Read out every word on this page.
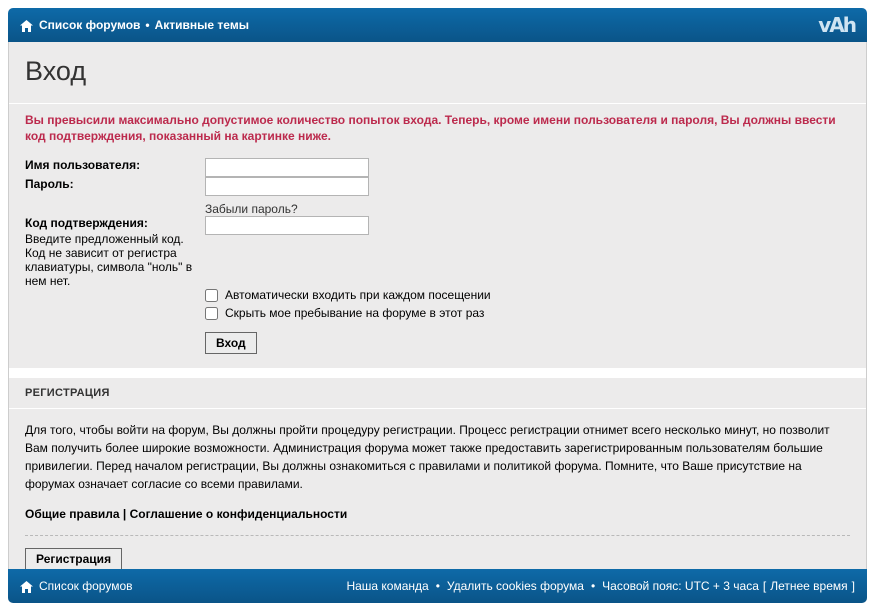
Список форумов • Активные темы	vAh
Вход
Вы превысили максимально допустимое количество попыток входа. Теперь, кроме имени пользователя и пароля, Вы должны ввести код подтверждения, показанный на картинке ниже.
Имя пользователя:	
Пароль:	Забыли пароль?
Код подтверждения:
Введите предложенный код. Код не зависит от регистра клавиатуры, символа "ноль" в нем нет.

	Автоматически входить при каждом посещении
Скрыть мое пребывание на форуме в этот раз
Вход
РЕГИСТРАЦИЯ

Для того, чтобы войти на форум, Вы должны пройти процедуру регистрации. Процесс регистрации отнимет всего несколько минут, но позволит Вам получить более широкие возможности. Администрация форума может также предоставить зарегистрированным пользователям большие привилегии. Перед началом регистрации, Вы должны ознакомиться с правилами и политикой форума. Помните, что Ваше присутствие на форумах означает согласие со всеми правилами.

Общие правила | Соглашение о конфиденциальности
Регистрация
Список форумов	Наша команда • Удалить cookies форума • Часовой пояс: UTC + 3 часа [ Летнее время ]
